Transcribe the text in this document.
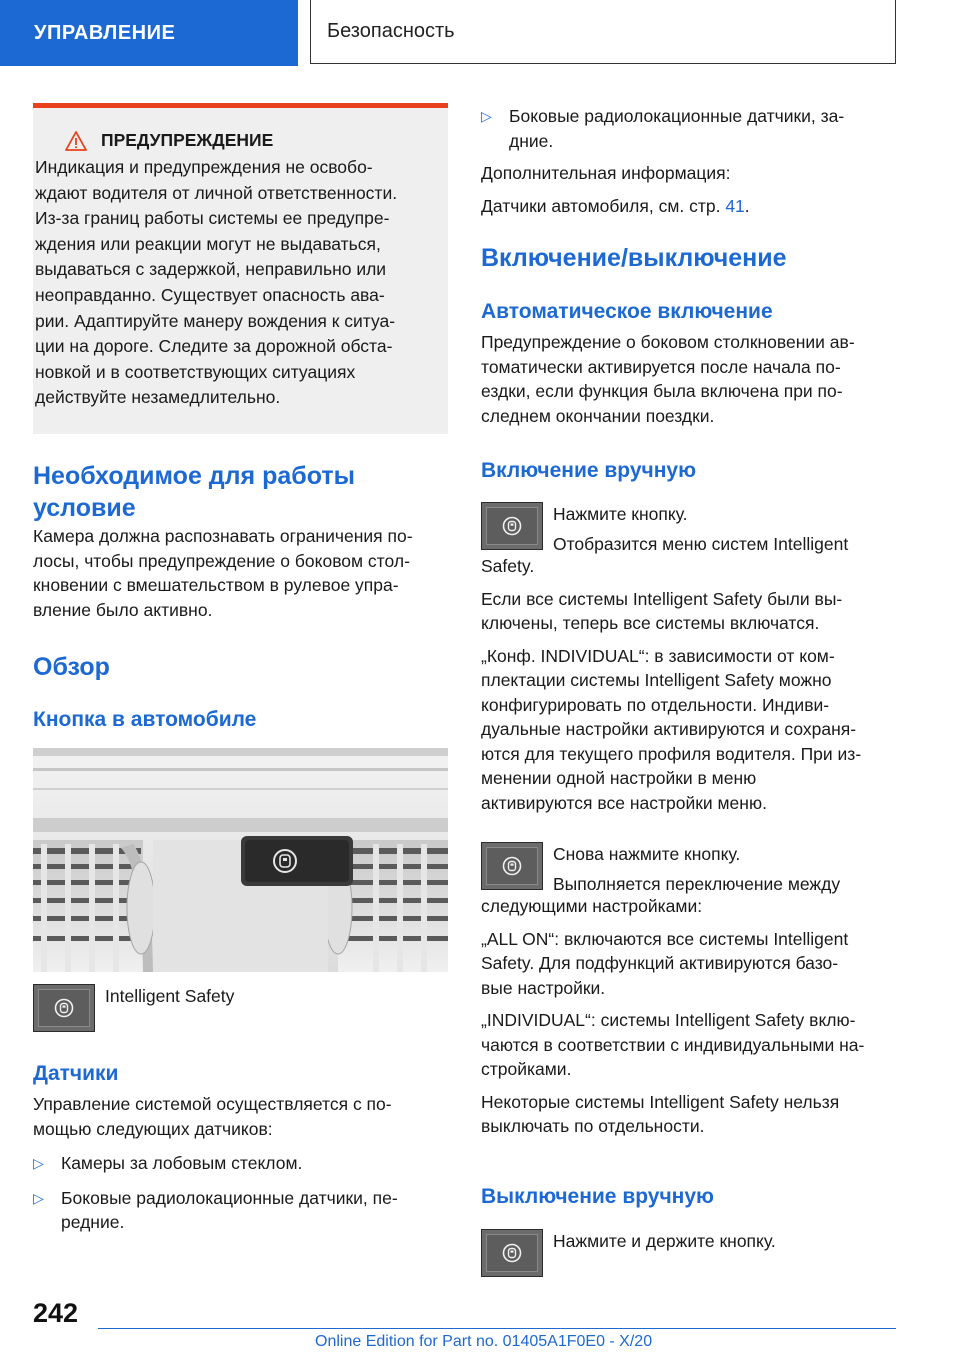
УПРАВЛЕНИЕ	Безопасность
ПРЕДУПРЕЖДЕНИЕ

Индикация и предупреждения не освобо-

ждают водителя от личной ответственности.

Из-за границ работы системы ее предупре-

ждения или реакции могут не выдаваться,

выдаваться с задержкой, неправильно или

неоправданно. Существует опасность ава-

рии. Адаптируйте манеру вождения к ситуа-

ции на дороге. Следите за дорожной обста-

новкой и в соответствующих ситуациях

действуйте незамедлительно.

Необходимое для работы
условие

Камера должна распознавать ограничения по-

лосы, чтобы предупреждение о боковом стол-

кновении с вмешательством в рулевое упра-

вление было активно.

Обзор
Кнопка в автомобиле

Intelligent Safety

Датчики

Управление системой осуществляется с по-

мощью следующих датчиков:

▷ Камеры за лобовым стеклом.

▷ Боковые радиолокационные датчики, пе-

редние.

▷ Боковые радиолокационные датчики, за-

дние.

Дополнительная информация:

Датчики автомобиля, см. стр. 41.

Включение/выключение
Автоматическое включение

Предупреждение о боковом столкновении ав-

томатически активируется после начала по-

ездки, если функция была включена при по-

следнем окончании поездки.

Включение вручную

Нажмите кнопку.

Отобразится меню систем Intelligent

Safety.

Если все системы Intelligent Safety были вы-

ключены, теперь все системы включатся.

„Конф. INDIVIDUAL“: в зависимости от ком-

плектации системы Intelligent Safety можно

конфигурировать по отдельности. Индиви-

дуальные настройки активируются и сохраня-

ются для текущего профиля водителя. При из-

менении одной настройки в меню

активируются все настройки меню.

Снова нажмите кнопку.

Выполняется переключение между

следующими настройками:

„ALL ON“: включаются все системы Intelligent

Safety. Для подфункций активируются базо-

вые настройки.

„INDIVIDUAL“: системы Intelligent Safety вклю-

чаются в соответствии с индивидуальными на-

стройками.

Некоторые системы Intelligent Safety нельзя

выключать по отдельности.

Выключение вручную

Нажмите и держите кнопку.

242
Online Edition for Part no. 01405A1F0E0 - X/20
